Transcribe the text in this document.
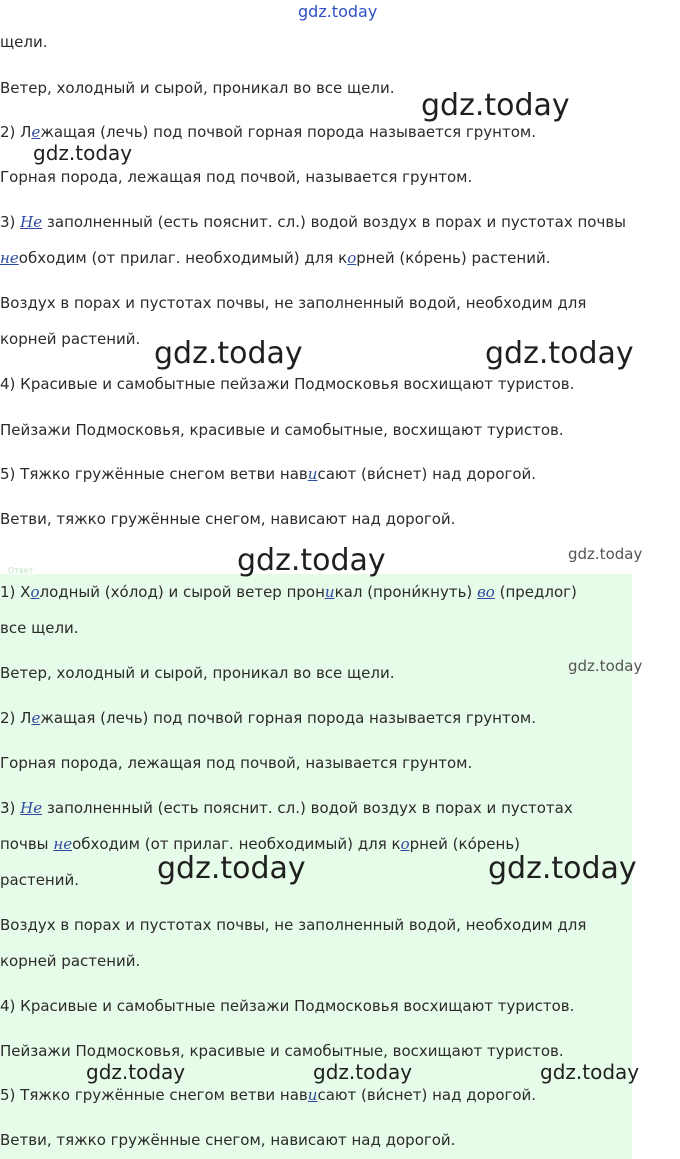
Ответ
щели.
Ветер, холодный и сырой, проникал во все щели.
2) Лежащая (лечь) под почвой горная порода называется грунтом.
Горная порода, лежащая под почвой, называется грунтом.
3) Не заполненный (есть пояснит. сл.) водой воздух в порах и пустотах почвы
необходим (от прилаг. необходимый) для корней (ко́рень) растений.
Воздух в порах и пустотах почвы, не заполненный водой, необходим для
корней растений.
4) Красивые и самобытные пейзажи Подмосковья восхищают туристов.
Пейзажи Подмосковья, красивые и самобытные, восхищают туристов.
5) Тяжко гружённые снегом ветви нависают (ви́снет) над дорогой.
Ветви, тяжко гружённые снегом, нависают над дорогой.
1) Холодный (хо́лод) и сырой ветер проникал (прони́кнуть) во (предлог)
все щели.
Ветер, холодный и сырой, проникал во все щели.
2) Лежащая (лечь) под почвой горная порода называется грунтом.
Горная порода, лежащая под почвой, называется грунтом.
3) Не заполненный (есть пояснит. сл.) водой воздух в порах и пустотах
почвы необходим (от прилаг. необходимый) для корней (ко́рень)
растений.
Воздух в порах и пустотах почвы, не заполненный водой, необходим для
корней растений.
4) Красивые и самобытные пейзажи Подмосковья восхищают туристов.
Пейзажи Подмосковья, красивые и самобытные, восхищают туристов.
5) Тяжко гружённые снегом ветви нависают (ви́снет) над дорогой.
Ветви, тяжко гружённые снегом, нависают над дорогой.
gdz.today
gdz.today
gdz.today
gdz.today	gdz.today
gdz.today	gdz.today
gdz.today
gdz.today	gdz.today
gdz.today	gdz.today	gdz.today
